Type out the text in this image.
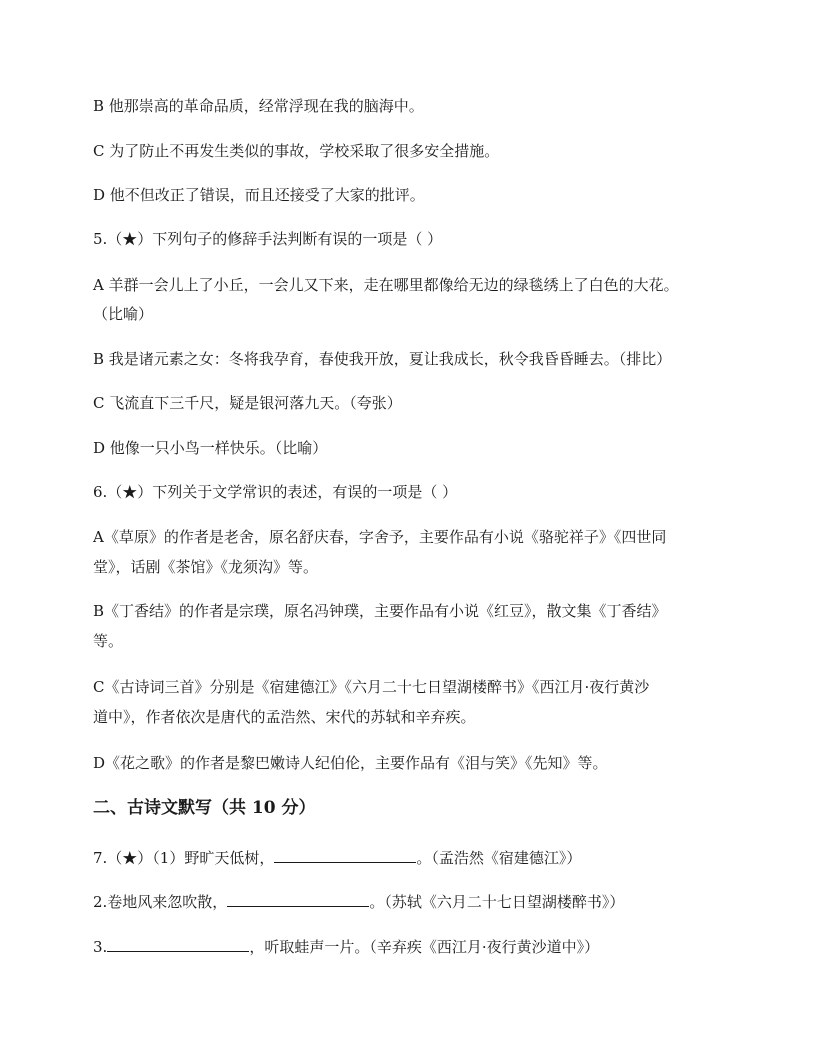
B 他那崇高的革命品质，经常浮现在我的脑海中。
C 为了防止不再发生类似的事故，学校采取了很多安全措施。
D 他不但改正了错误，而且还接受了大家的批评。
5.（★）下列句子的修辞手法判断有误的一项是（ ）
A 羊群一会儿上了小丘，一会儿又下来，走在哪里都像给无边的绿毯绣上了白色的大花。
（比喻）
B 我是诸元素之女：冬将我孕育，春使我开放，夏让我成长，秋令我昏昏睡去。（排比）
C 飞流直下三千尺，疑是银河落九天。（夸张）
D 他像一只小鸟一样快乐。（比喻）
6.（★）下列关于文学常识的表述，有误的一项是（ ）
A《草原》的作者是老舍，原名舒庆春，字舍予，主要作品有小说《骆驼祥子》《四世同
堂》，话剧《茶馆》《龙须沟》等。
B《丁香结》的作者是宗璞，原名冯钟璞，主要作品有小说《红豆》，散文集《丁香结》
等。
C《古诗词三首》分别是《宿建德江》《六月二十七日望湖楼醉书》《西江月·夜行黄沙
道中》，作者依次是唐代的孟浩然、宋代的苏轼和辛弃疾。
D《花之歌》的作者是黎巴嫩诗人纪伯伦，主要作品有《泪与笑》《先知》等。
二、古诗文默写（共 10 分）
7.（★）（1）野旷天低树，	。（孟浩然《宿建德江》）
2.卷地风来忽吹散，	。（苏轼《六月二十七日望湖楼醉书》）
3.	，听取蛙声一片。（辛弃疾《西江月·夜行黄沙道中》）
